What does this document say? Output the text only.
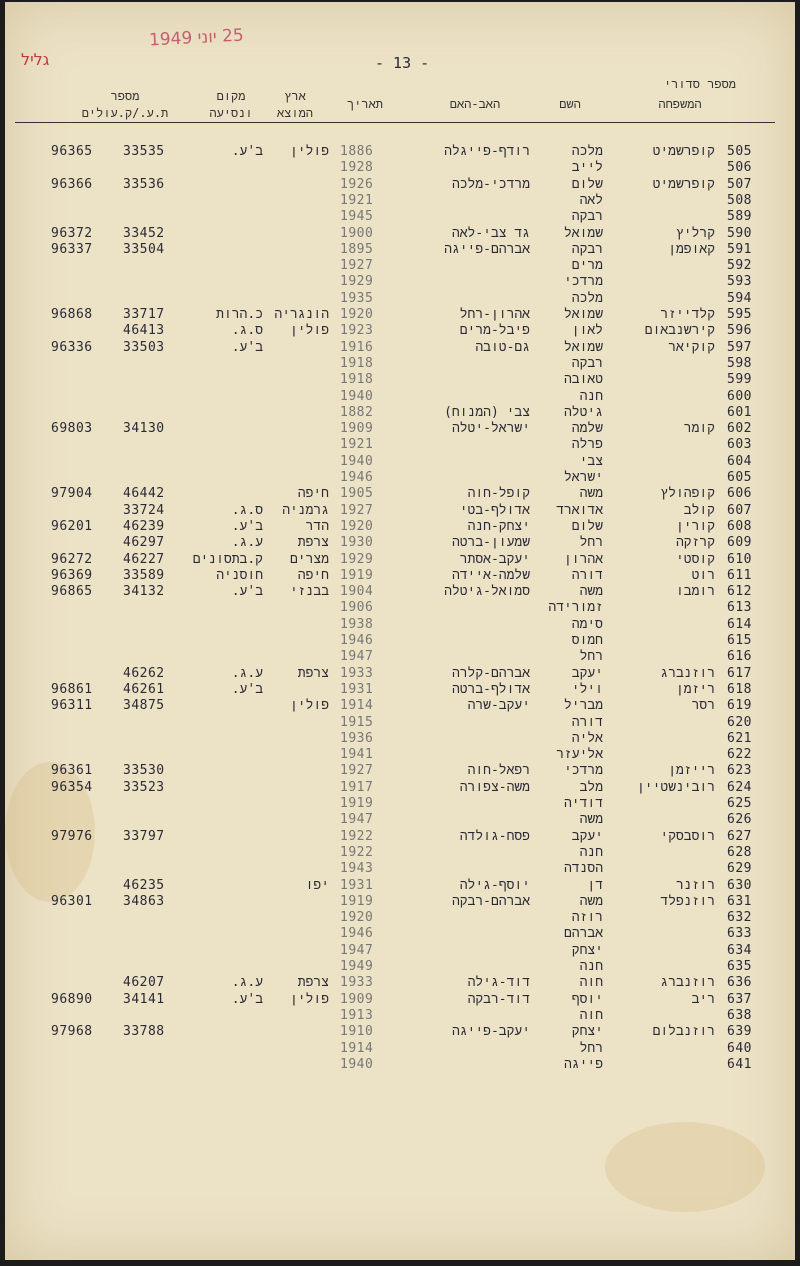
גליל
25 יוני 1949
- 13 -
מספר סדורי
המשפחה
השם
האב-האם
תאריך
ארץ המוצא
מקום ונסיעה
מספר ת.ע./ק.עולים
505
קופרשמיט
מלכה
רודף-פייגלה
1886
פולין
ב'ע.
33535
96365
506
לייב
1928
507
קופרשמיט
שלום
מרדכי-מלכה
1926
33536
96366
508
לאה
1921
589
רבקה
1945
590
קרליץ
שמואל
גד צבי-לאה
1900
33452
96372
591
קאופמן
רבקה
אברהם-פייגה
1895
33504
96337
592
מרים
1927
593
מרדכי
1929
594
מלכה
1935
595
קלדייזר
שמואל
אהרון-רחל
1920
הונגריה
כ.הרות
33717
96868
596
קירשנבאום
לאון
פיבל-מרים
1923
פולין
ס.ג.
46413
597
קוקיאר
שמואל
גם-טובה
1916
ב'ע.
33503
96336
598
רבקה
1918
599
טאובה
1918
600
חנה
1940
601
גיטלה
צבי (המנוח)
1882
602
קומר
שלמה
ישראל-יטלה
1909
34130
69803
603
פרלה
1921
604
צבי
1940
605
ישראל
1946
606
קופהולץ
משה
קופל-חוה
1905
חיפה
46442
97904
607
קולב
אדוארד
אדולף-בטי
1927
גרמניה
ס.ג.
33724
608
קורין
שלום
יצחק-חנה
1920
הדר
ב'ע.
46239
96201
609
קרזקה
רחל
שמעון-ברטה
1930
צרפת
ע.ג.
46297
610
קוסטי
אהרון
יעקב-אסתר
1929
מצרים
ק.בתסונים
46227
96272
611
רוט
דורה
שלמה-איידה
1919
חיפה
חוסניה
33589
96369
612
רומבו
משה
סמואל-גיטלה
1904
בבנזי
ב'ע.
34132
96865
613
זמורידה
1906
614
סימה
1938
615
חמוס
1946
616
רחל
1947
617
רוזנברג
יעקב
אברהם-קלרה
1933
צרפת
ע.ג.
46262
618
ריזמן
וילי
אדולף-ברטה
1931
ב'ע.
46261
96861
619
רסר
מבריל
יעקב-שרה
1914
פולין
34875
96311
620
דורה
1915
621
אליה
1936
622
אליעזר
1941
623
רייזמן
מרדכי
רפאל-חוה
1927
33530
96361
624
רובינשטיין
מלב
משה-צפורה
1917
33523
96354
625
דודיה
1919
626
משה
1947
627
רוסבסקי
יעקב
פסח-גולדה
1922
33797
97976
628
חנה
1922
629
הסנדה
1943
630
רוזנר
דן
יוסף-גילה
1931
יפו
46235
631
רוזנפלד
משה
אברהם-רבקה
1919
34863
96301
632
רוזה
1920
633
אברהם
1946
634
יצחק
1947
635
חנה
1949
636
רוזנברג
חוה
דוד-גילה
1933
צרפת
ע.ג.
46207
637
ריב
יוסף
דוד-רבקה
1909
פולין
ב'ע.
34141
96890
638
חוה
1913
639
רוזנבלום
יצחק
יעקב-פייגה
1910
33788
97968
640
רחל
1914
641
פייגה
1940
